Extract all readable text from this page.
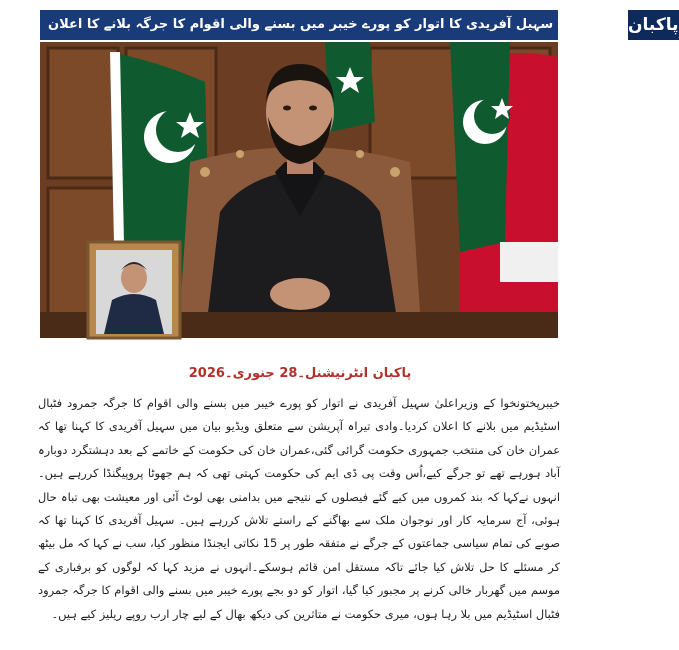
وزیراعلیٰ سہیل آفریدی کا اتوار کو پورے خیبر میں بسنے والی اقوام کا جرگہ بلانے کا اعلان پاکبان
پاکبان انٹرنیشنل۔28 جنوری۔2026
خیبرپختونخوا کے وزیراعلیٰ سہیل آفریدی نے اتوار کو پورے خیبر میں بسنے والی اقوام کا جرگہ جمرود فٹبال اسٹیڈیم میں بلانے کا اعلان کردیا۔وادی تیراہ آپریشن سے متعلق ویڈیو بیان میں سہیل آفریدی کا کہنا تھا کہ عمران خان کی منتخب جمہوری حکومت گرائی گئی،عمران خان کی حکومت کے خاتمے کے بعد دہشتگرد دوبارہ آباد ہورہے تھے تو جرگے کیے،اُس وقت پی ڈی ایم کی حکومت کہتی تھی کہ ہم جھوٹا پروپیگنڈا کررہے ہیں۔انہوں نےکہا کہ بند کمروں میں کیے گئے فیصلوں کے نتیجے میں بدامنی بھی لوٹ آئی اور معیشت بھی تباہ حال ہوئی، آج سرمایہ کار اور نوجوان ملک سے بھاگنے کے راستے تلاش کررہے ہیں۔ سہیل آفریدی کا کہنا تھا کہ صوبے کی تمام سیاسی جماعتوں کے جرگے نے متفقہ طور پر 15 نکاتی ایجنڈا منظور کیا، سب نے کہا کہ مل بیٹھ کر مسئلے کا حل تلاش کیا جائے تاکہ مستقل امن قائم ہوسکے۔انہوں نے مزید کہا کہ لوگوں کو برفباری کے موسم میں گھربار خالی کرنے پر مجبور کیا گیا، اتوار کو دو بجے پورے خیبر میں بسنے والی اقوام کا جرگہ جمرود فٹبال اسٹیڈیم میں بلا رہا ہوں، میری حکومت نے متاثرین کی دیکھ بھال کے لیے چار ارب روپے ریلیز کیے ہیں۔
